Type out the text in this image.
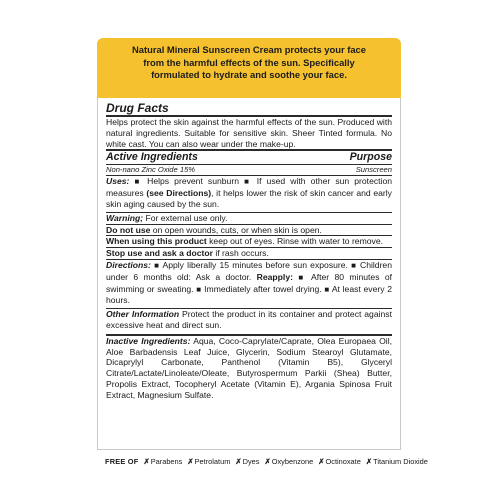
Natural Mineral Sunscreen Cream protects your face
from the harmful effects of the sun. Specifically
formulated to hydrate and soothe your face.
Drug Facts
Helps protect the skin against the harmful effects of the sun. Produced with natural ingredients. Suitable for sensitive skin. Sheer Tinted formula. No white cast. You can also wear under the make-up.
Active Ingredients	Purpose
Non-nano Zinc Oxide 15%	Sunscreen
Uses: ■ Helps prevent sunburn ■ If used with other sun protection measures (see Directions), it helps lower the risk of skin cancer and early skin aging caused by the sun.
Warning; For external use only.
Do not use on open wounds, cuts, or when skin is open.
When using this product keep out of eyes. Rinse with water to remove.
Stop use and ask a doctor if rash occurs.
Directions: ■ Apply liberally 15 minutes before sun exposure. ■ Children under 6 months old: Ask a doctor. Reapply: ■ After 80 minutes of swimming or sweating. ■ Immediately after towel drying. ■ At least every 2 hours.
Other Information Protect the product in its container and protect against excessive heat and direct sun.
Inactive Ingredients: Aqua, Coco-Caprylate/Caprate, Olea Europaea Oil, Aloe Barbadensis Leaf Juice, Glycerin, Sodium Stearoyl Glutamate, Dicaprylyl Carbonate, Panthenol (Vitamin B5), Glyceryl Citrate/Lactate/Linoleate/Oleate, Butyrospermum Parkii (Shea) Butter, Propolis Extract, Tocopheryl Acetate (Vitamin E), Argania Spinosa Fruit Extract, Magnesium Sulfate.
FREE OF ✗Parabens ✗Petrolatum ✗Dyes ✗Oxybenzone ✗Octinoxate ✗Titanium Dioxide
